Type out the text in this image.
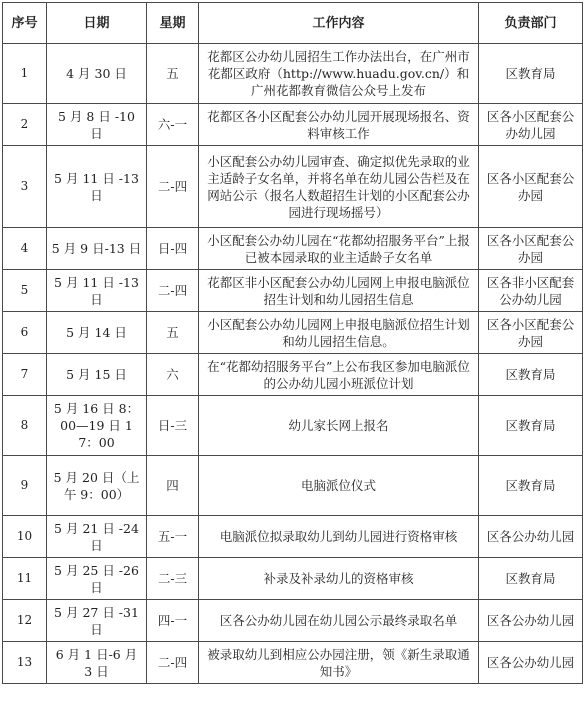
序号	日期	星期	工作内容	负责部门
1	4 月 30 日	五	花都区公办幼儿园招生工作办法出台，在广州市花都区政府（http://www.huadu.gov.cn/）和广州花都教育微信公众号上发布	区教育局
2	5 月 8 日 -10 日	六-一	花都区各小区配套公办幼儿园开展现场报名、资料审核工作	区各小区配套公办幼儿园
3	5 月 11 日 -13 日	二-四	小区配套公办幼儿园审查、确定拟优先录取的业主适龄子女名单，并将名单在幼儿园公告栏及在网站公示（报名人数超招生计划的小区配套公办园进行现场摇号）	区各小区配套公办园
4	5 月 9 日-13 日	日-四	小区配套公办幼儿园在“花都幼招服务平台”上报已被本园录取的业主适龄子女名单	区各小区配套公办园
5	5 月 11 日 -13 日	二-四	花都区非小区配套公办幼儿园网上申报电脑派位招生计划和幼儿园招生信息	区各非小区配套公办幼儿园
6	5 月 14 日	五	小区配套公办幼儿园网上申报电脑派位招生计划和幼儿园招生信息。	区各小区配套公办园
7	5 月 15 日	六	在“花都幼招服务平台”上公布我区参加电脑派位的公办幼儿园小班派位计划	区教育局
8	5 月 16 日 8：00—19 日 17：00	日-三	幼儿家长网上报名	区教育局
9	5 月 20 日（上午 9：00）	四	电脑派位仪式	区教育局
10	5 月 21 日 -24 日	五-一	电脑派位拟录取幼儿到幼儿园进行资格审核	区各公办幼儿园
11	5 月 25 日 -26 日	二-三	补录及补录幼儿的资格审核	区教育局
12	5 月 27 日 -31 日	四-一	区各公办幼儿园在幼儿园公示最终录取名单	区各公办幼儿园
13	6 月 1 日-6 月 3 日	二-四	被录取幼儿到相应公办园注册，领《新生录取通知书》	区各公办幼儿园
